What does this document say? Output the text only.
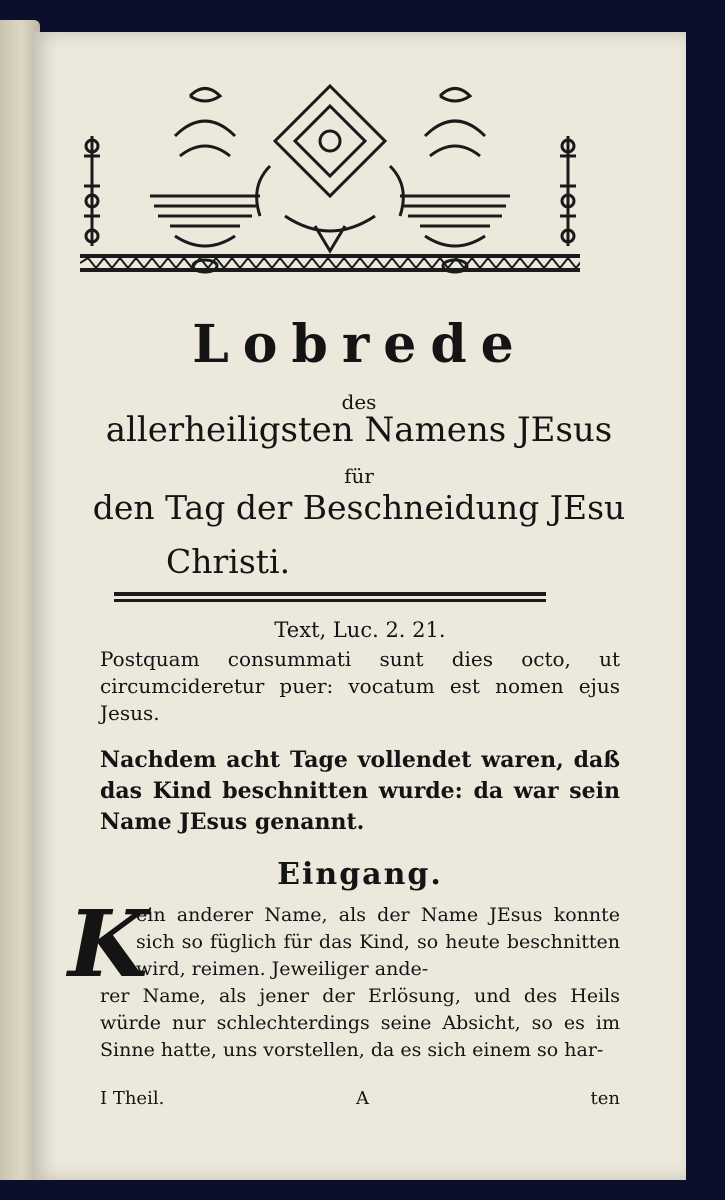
Lobrede
des
allerheiligsten Namens JEsus
für
den Tag der Beschneidung JEsu
Christi.
Text, Luc. 2. 21.
Postquam consummati sunt dies octo, ut circumcideretur puer: vocatum est nomen ejus Jesus.
Nachdem acht Tage vollendet waren, daß das Kind beschnitten wurde: da war sein Name JEsus genannt.
Eingang.
K
ein anderer Name, als der Name JEsus konnte sich so füglich für das Kind, so heute beschnitten wird, reimen. Jeweiliger ande-
rer Name, als jener der Erlösung, und des Heils würde nur schlechterdings seine Absicht, so es im Sinne hatte, uns vorstellen, da es sich einem so har-
I Theil.	A	ten
